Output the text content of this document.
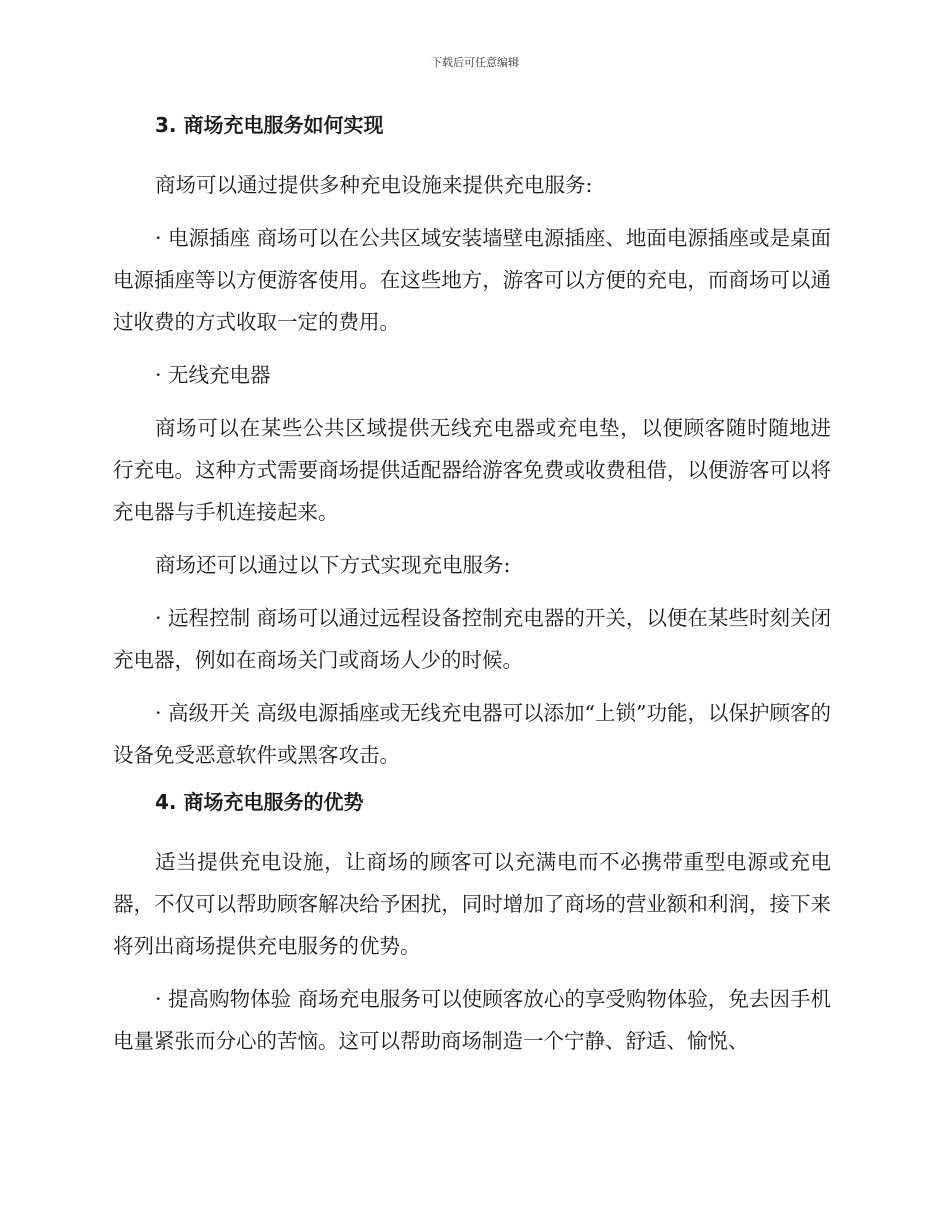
下载后可任意编辑
3. 商场充电服务如何实现

商场可以通过提供多种充电设施来提供充电服务:

· 电源插座 商场可以在公共区域安装墙壁电源插座、地面电源插座或是桌面电源插座等以方便游客使用。在这些地方，游客可以方便的充电，而商场可以通过收费的方式收取一定的费用。

· 无线充电器

商场可以在某些公共区域提供无线充电器或充电垫，以便顾客随时随地进行充电。这种方式需要商场提供适配器给游客免费或收费租借，以便游客可以将充电器与手机连接起来。

商场还可以通过以下方式实现充电服务:

· 远程控制 商场可以通过远程设备控制充电器的开关，以便在某些时刻关闭充电器，例如在商场关门或商场人少的时候。

· 高级开关 高级电源插座或无线充电器可以添加“上锁”功能，以保护顾客的设备免受恶意软件或黑客攻击。

4. 商场充电服务的优势

适当提供充电设施，让商场的顾客可以充满电而不必携带重型电源或充电器，不仅可以帮助顾客解决给予困扰，同时增加了商场的营业额和利润，接下来将列出商场提供充电服务的优势。

· 提高购物体验 商场充电服务可以使顾客放心的享受购物体验，免去因手机电量紧张而分心的苦恼。这可以帮助商场制造一个宁静、舒适、愉悦、
